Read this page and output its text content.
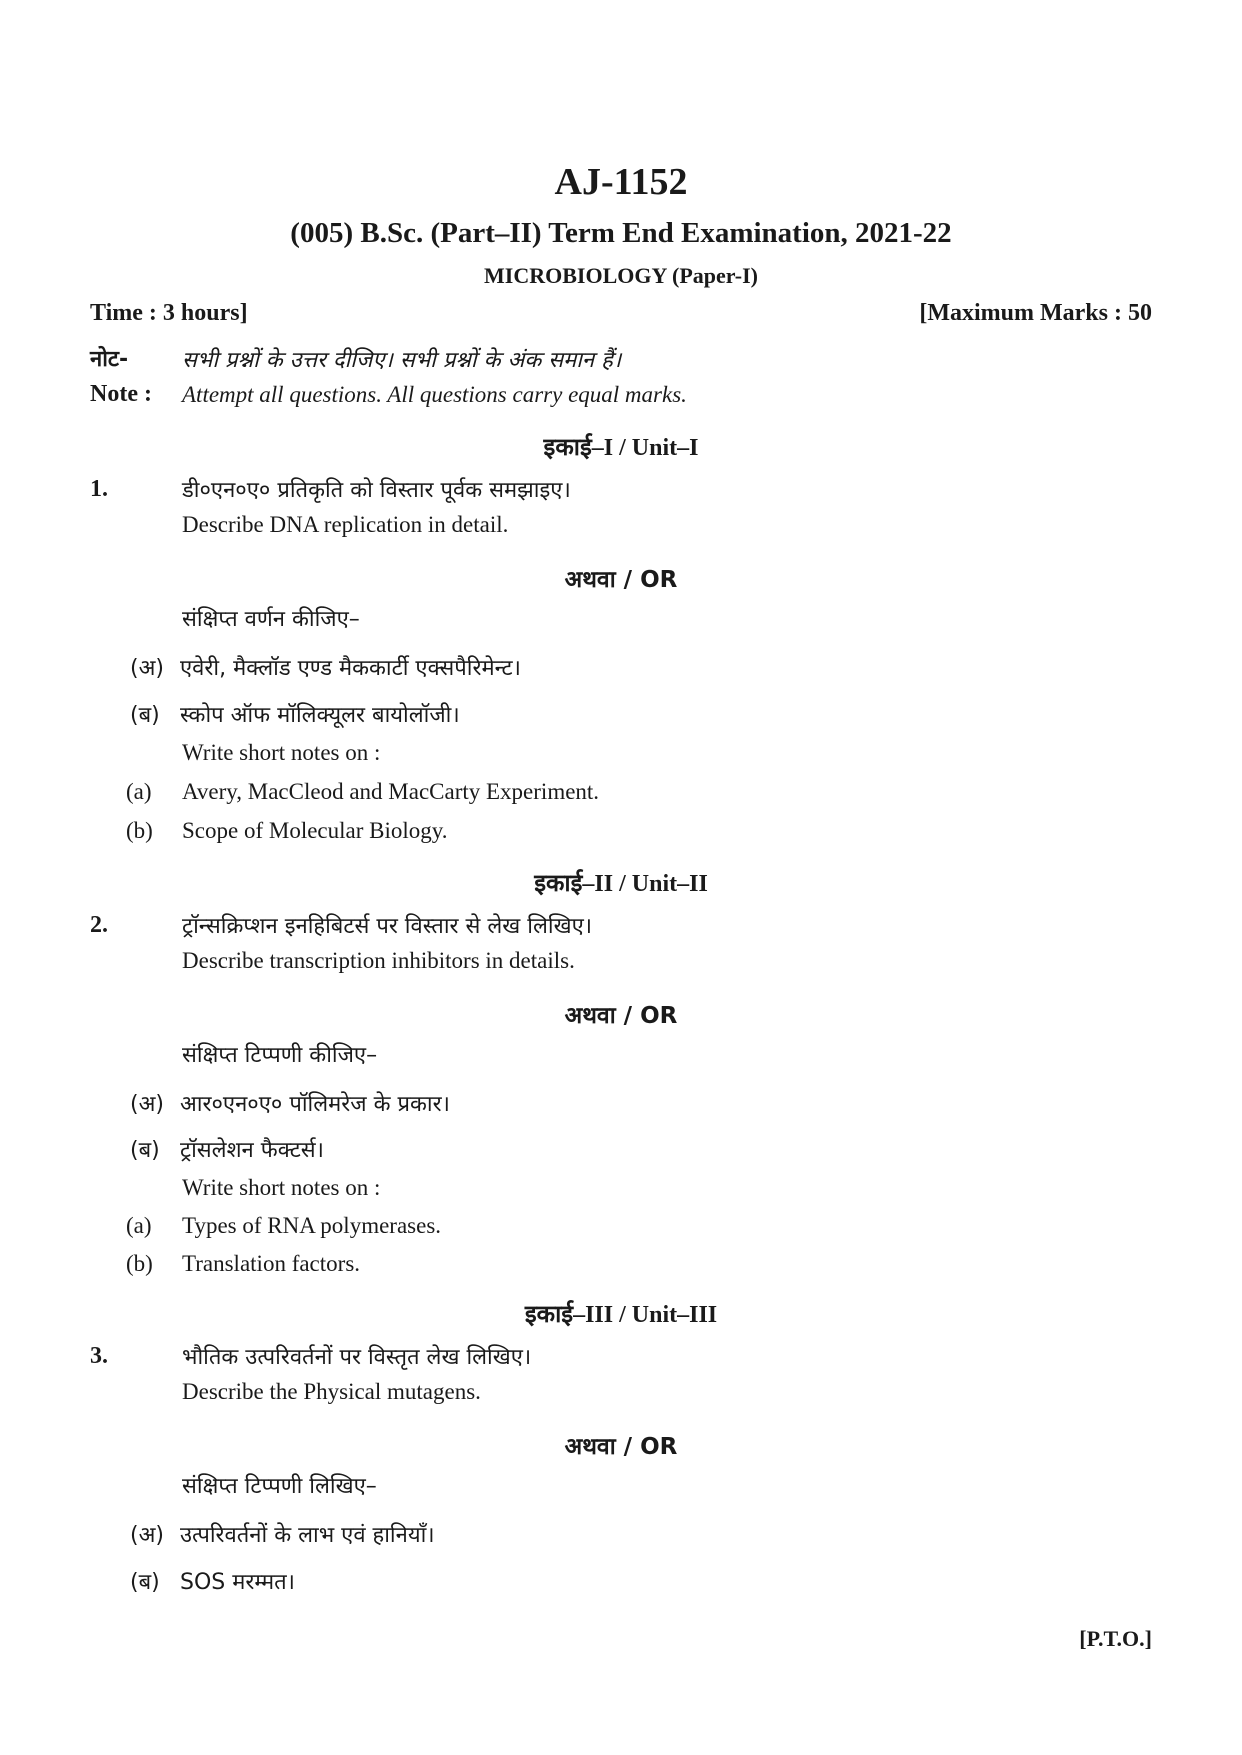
AJ-1152
(005) B.Sc. (Part–II) Term End Examination, 2021-22
MICROBIOLOGY (Paper-I)
Time : 3 hours]	[Maximum Marks : 50
नोट- सभी प्रश्नों के उत्तर दीजिए। सभी प्रश्नों के अंक समान हैं।
Note : Attempt all questions. All questions carry equal marks.
इकाई–I / Unit–I
1.	डी०एन०ए० प्रतिकृति को विस्तार पूर्वक समझाइए।
Describe DNA replication in detail.
अथवा / OR
संक्षिप्त वर्णन कीजिए–
(अ) एवेरी, मैक्लॉड एण्ड मैककार्टी एक्सपैरिमेन्ट।
(ब) स्कोप ऑफ मॉलिक्यूलर बायोलॉजी।
Write short notes on :
(a) Avery, MacCleod and MacCarty Experiment.
(b) Scope of Molecular Biology.
इकाई–II / Unit–II
2.	ट्रॉन्सक्रिप्शन इनहिबिटर्स पर विस्तार से लेख लिखिए।
Describe transcription inhibitors in details.
अथवा / OR
संक्षिप्त टिप्पणी कीजिए–
(अ) आर०एन०ए० पॉलिमरेज के प्रकार।
(ब) ट्रॉसलेशन फैक्टर्स।
Write short notes on :
(a) Types of RNA polymerases.
(b) Translation factors.
इकाई–III / Unit–III
3.	भौतिक उत्परिवर्तनों पर विस्तृत लेख लिखिए।
Describe the Physical mutagens.
अथवा / OR
संक्षिप्त टिप्पणी लिखिए–
(अ) उत्परिवर्तनों के लाभ एवं हानियाँ।
(ब) SOS मरम्मत।
[P.T.O.]
